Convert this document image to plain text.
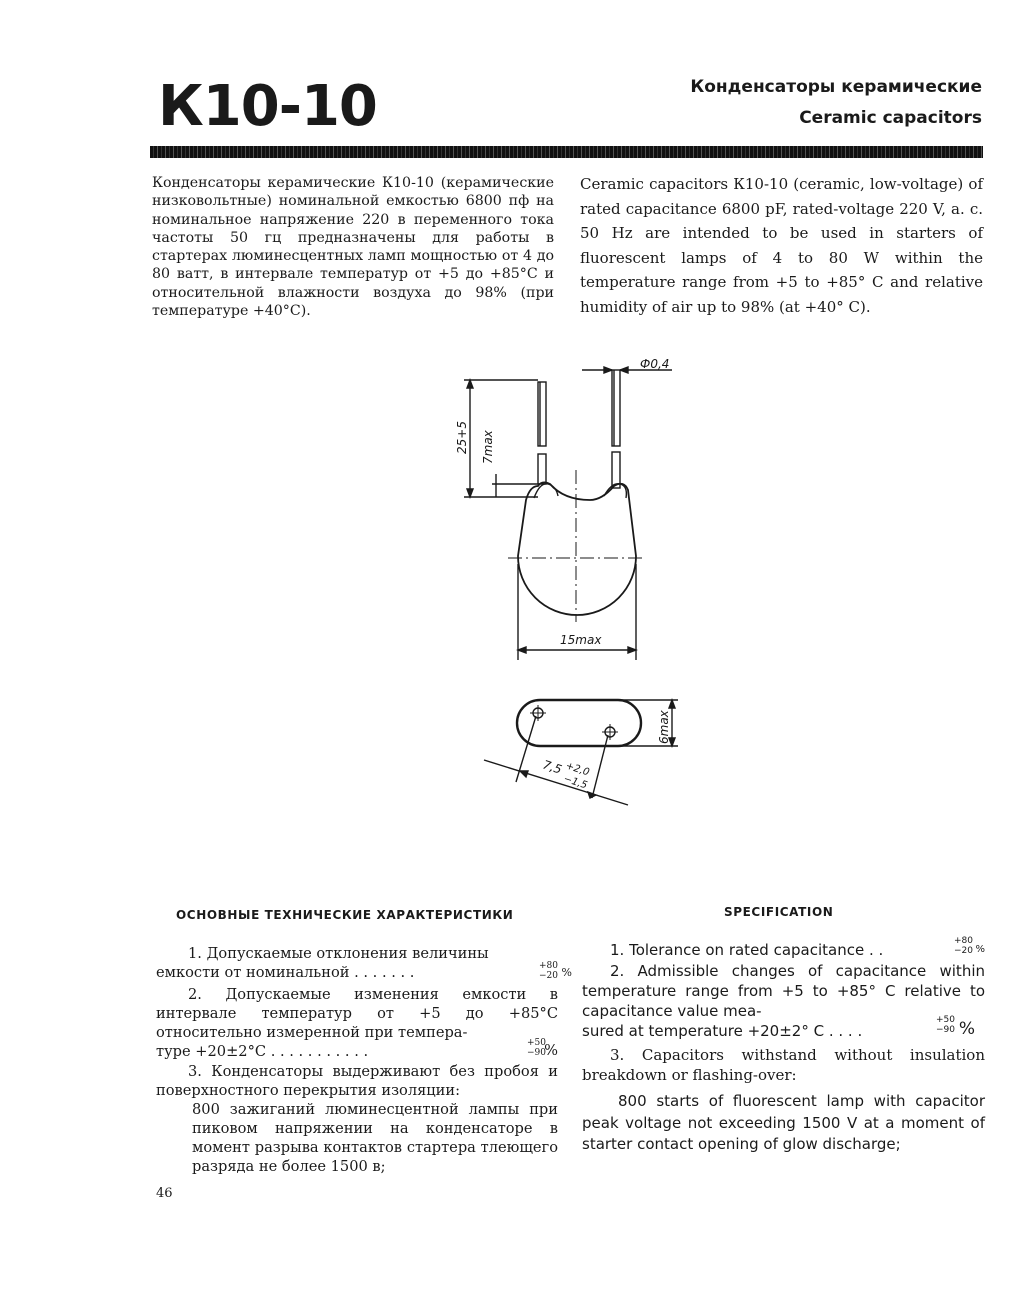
К10-10	Конденсаторы керамические
Ceramic capacitors

Конденсаторы керамические К10-10 (керамические низковольтные) номинальной емкостью 6800 пф на номинальное напряжение 220 в переменного тока частоты 50 гц предназначены для работы в стартерах люминесцентных ламп мощностью от 4 до 80 ватт, в интервале температур от +5 до +85°С и относительной влажности воздуха до 98% (при температуре +40°С).

Ceramic capacitors К10-10 (ceramic, low-voltage) of rated capacitance 6800 pF, rated-voltage 220 V, a. c. 50 Hz are intended to be used in starters of fluorescent lamps of 4 to 80 W within the temperature range from +5 to +85° C and relative humidity of air up to 98% (at +40° C).

Ф0,4
25+5 7max
15max
6max
7,5 +2,0
−1,5
ОСНОВНЫЕ ТЕХНИЧЕСКИЕ ХАРАКТЕРИСТИКИ	SPECIFICATION

1. Допускаемые отклонения величины

емкости от номинальной . . . . . . .	+80
−20 %

2. Допускаемые изменения емкости в интервале температур от +5 до +85°С относительно измеренной при темпера-

туре +20±2°С . . . . . . . . . . .	+50
−90
%

3. Конденсаторы выдерживают без пробоя и поверхностного перекрытия изоляции:

800 зажиганий люминесцентной лампы при пиковом напряжении на конденсаторе в момент разрыва контактов стартера тлеющего разряда не более 1500 в;

1. Tolerance on rated capacitance . .	+80
−20 %

2. Admissible changes of capacitance within temperature range from +5 to +85° C relative to capacitance value mea-

sured at temperature +20±2° C . . . .
+50
−90 %

3. Capacitors withstand without insulation breakdown or flashing-over:

800 starts of fluorescent lamp with capacitor peak voltage not exceeding 1500 V at a moment of starter contact opening of glow discharge;

46
